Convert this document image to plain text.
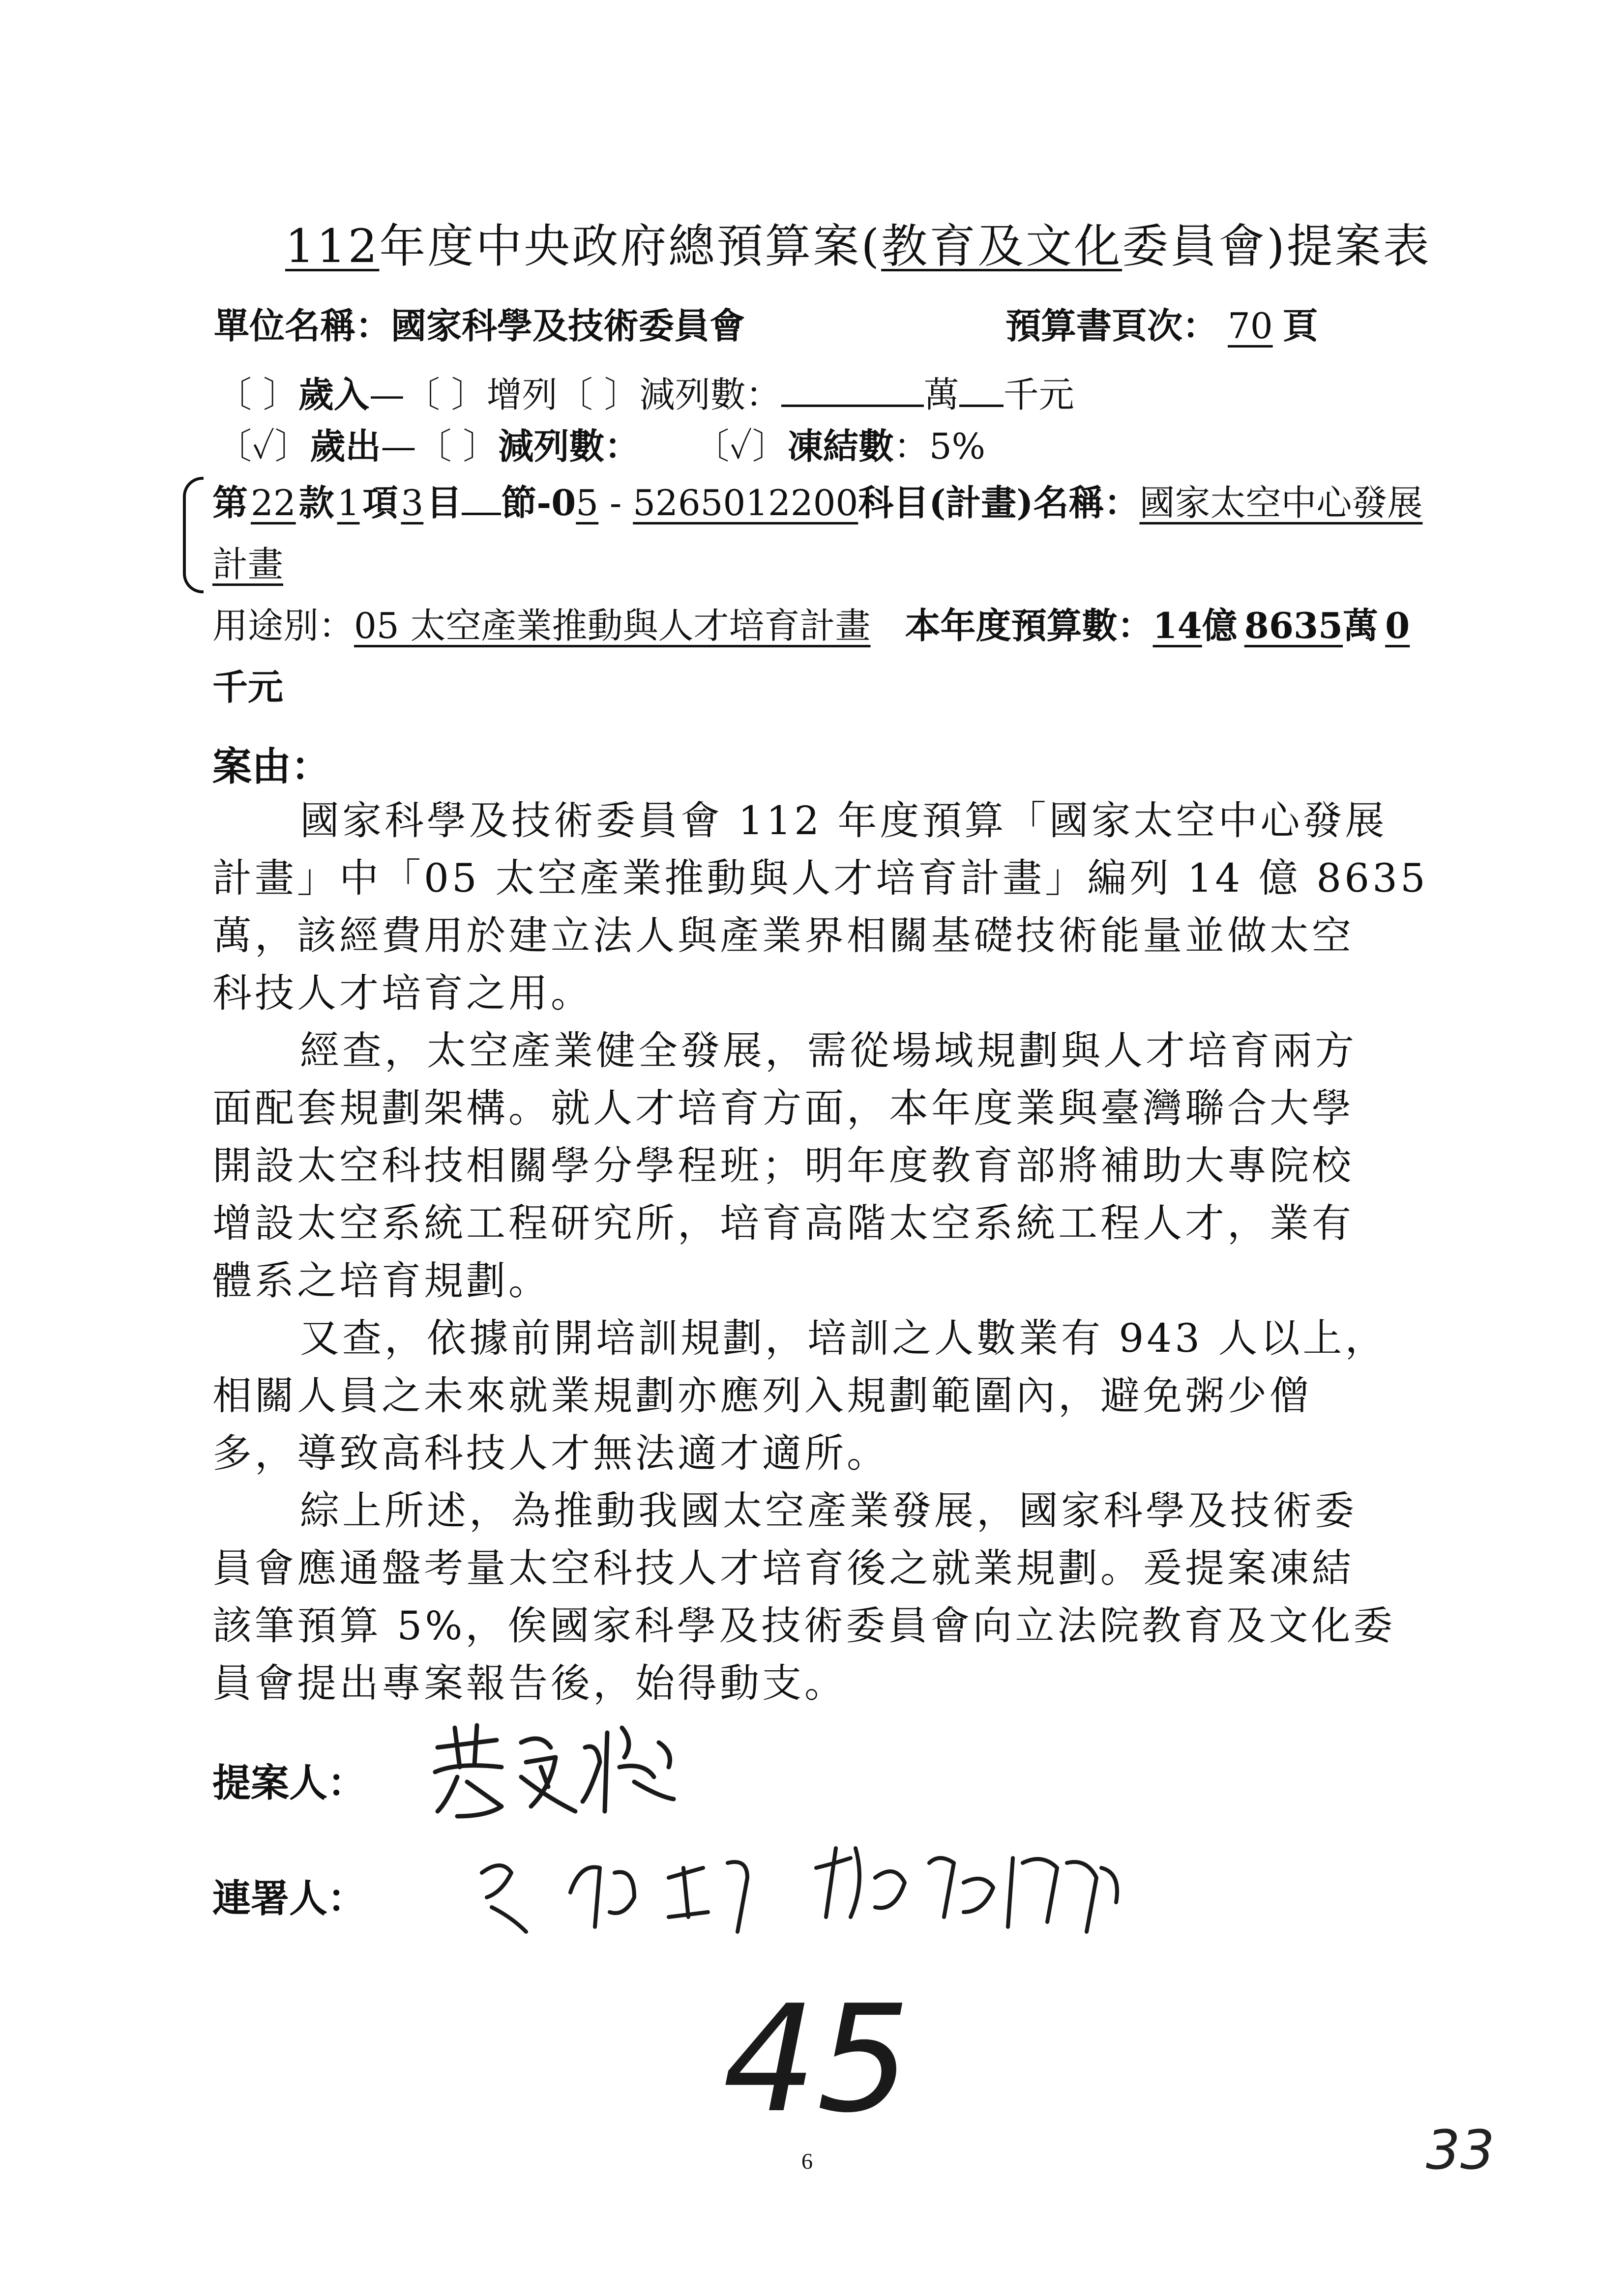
112年度中央政府總預算案(教育及文化委員會)提案表
單位名稱：國家科學及技術委員會	預算書頁次： 70 頁
〔 〕歲入—〔 〕增列〔 〕減列數：	萬 千元
〔✓〕歲出—〔 〕減列數： 〔✓〕凍結數：5%
第22款1項3目 節-05 - 5265012200科目(計畫)名稱：國家太空中心發展
計畫
用途別：05 太空產業推動與人才培育計畫 本年度預算數：14億 8635萬 0
千元
案由：
國家科學及技術委員會 112 年度預算「國家太空中心發展
計畫」中「05 太空產業推動與人才培育計畫」編列 14 億 8635
萬，該經費用於建立法人與產業界相關基礎技術能量並做太空
科技人才培育之用。
經查，太空產業健全發展，需從場域規劃與人才培育兩方
面配套規劃架構。就人才培育方面，本年度業與臺灣聯合大學
開設太空科技相關學分學程班；明年度教育部將補助大專院校
增設太空系統工程研究所，培育高階太空系統工程人才，業有
體系之培育規劃。
又查，依據前開培訓規劃，培訓之人數業有 943 人以上，
相關人員之未來就業規劃亦應列入規劃範圍內，避免粥少僧
多，導致高科技人才無法適才適所。
綜上所述，為推動我國太空產業發展，國家科學及技術委
員會應通盤考量太空科技人才培育後之就業規劃。爰提案凍結
該筆預算 5%，俟國家科學及技術委員會向立法院教育及文化委
員會提出專案報告後，始得動支。
提案人：
連署人：
45
6	33
